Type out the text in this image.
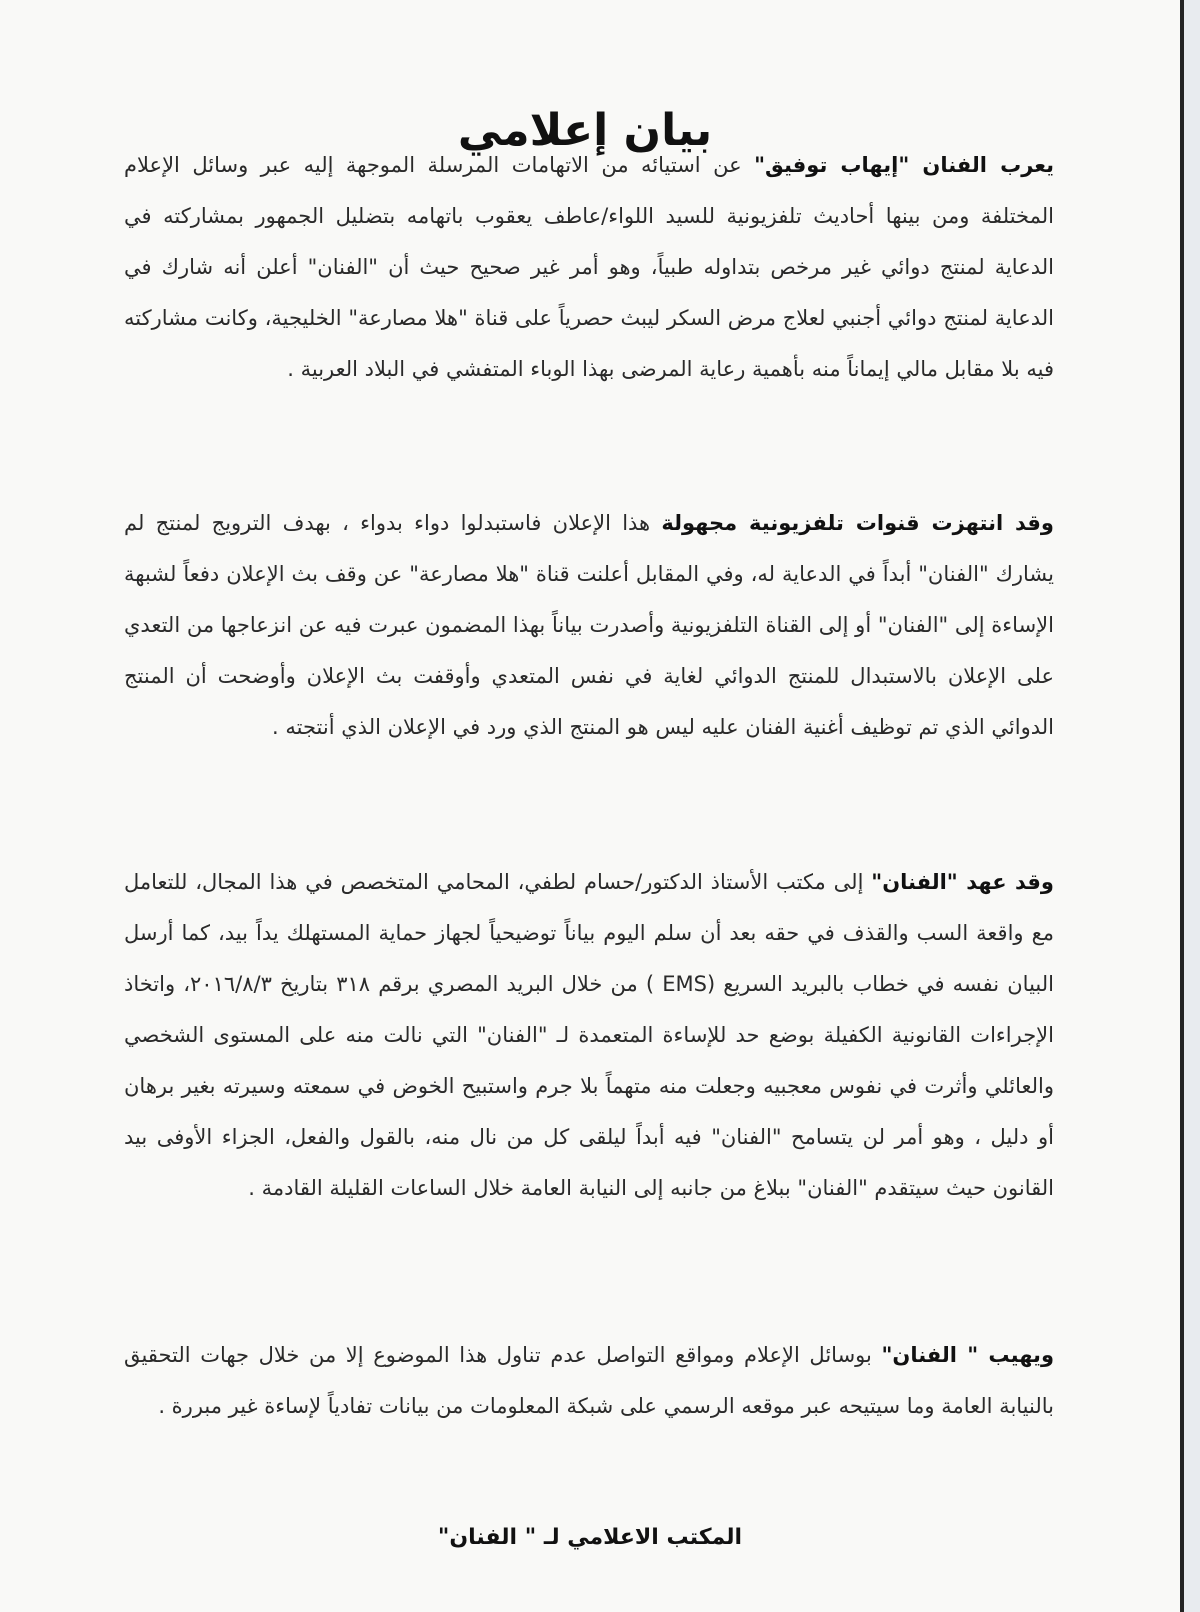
بيان إعلامي

يعرب الفنان "إيهاب توفيق" عن استيائه من الاتهامات المرسلة الموجهة إليه عبر وسائل الإعلام المختلفة ومن بينها أحاديث تلفزيونية للسيد اللواء/عاطف يعقوب باتهامه بتضليل الجمهور بمشاركته في الدعاية لمنتج دوائي غير مرخص بتداوله طبياً، وهو أمر غير صحيح حيث أن "الفنان" أعلن أنه شارك في الدعاية لمنتج دوائي أجنبي لعلاج مرض السكر ليبث حصرياً على قناة "هلا مصارعة" الخليجية، وكانت مشاركته فيه بلا مقابل مالي إيماناً منه بأهمية رعاية المرضى بهذا الوباء المتفشي في البلاد العربية .

وقد انتهزت قنوات تلفزيونية مجهولة هذا الإعلان فاستبدلوا دواء بدواء ، بهدف الترويج لمنتج لم يشارك "الفنان" أبداً في الدعاية له، وفي المقابل أعلنت قناة "هلا مصارعة" عن وقف بث الإعلان دفعاً لشبهة الإساءة إلى "الفنان" أو إلى القناة التلفزيونية وأصدرت بياناً بهذا المضمون عبرت فيه عن انزعاجها من التعدي على الإعلان بالاستبدال للمنتج الدوائي لغاية في نفس المتعدي وأوقفت بث الإعلان وأوضحت أن المنتج الدوائي الذي تم توظيف أغنية الفنان عليه ليس هو المنتج الذي ورد في الإعلان الذي أنتجته .

وقد عهد "الفنان" إلى مكتب الأستاذ الدكتور/حسام لطفي، المحامي المتخصص في هذا المجال، للتعامل مع واقعة السب والقذف في حقه بعد أن سلم اليوم بياناً توضيحياً لجهاز حماية المستهلك يداً بيد، كما أرسل البيان نفسه في خطاب بالبريد السريع (EMS ) من خلال البريد المصري برقم ٣١٨ بتاريخ ٢٠١٦/٨/٣، واتخاذ الإجراءات القانونية الكفيلة بوضع حد للإساءة المتعمدة لـ "الفنان" التي نالت منه على المستوى الشخصي والعائلي وأثرت في نفوس معجبيه وجعلت منه متهماً بلا جرم واستبيح الخوض في سمعته وسيرته بغير برهان أو دليل ، وهو أمر لن يتسامح "الفنان" فيه أبداً ليلقى كل من نال منه، بالقول والفعل، الجزاء الأوفى بيد القانون حيث سيتقدم "الفنان" ببلاغ من جانبه إلى النيابة العامة خلال الساعات القليلة القادمة .

ويهيب " الفنان" بوسائل الإعلام ومواقع التواصل عدم تناول هذا الموضوع إلا من خلال جهات التحقيق بالنيابة العامة وما سيتيحه عبر موقعه الرسمي على شبكة المعلومات من بيانات تفادياً لإساءة غير مبررة .

المكتب الاعلامي لـ " الفنان"
